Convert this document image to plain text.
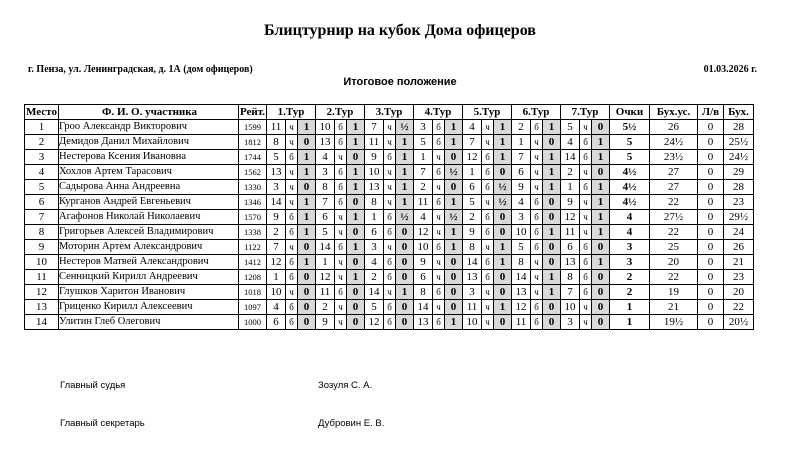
Блицтурнир на кубок Дома офицеров
г. Пенза, ул. Ленинградская, д. 1А (дом офицеров)	01.03.2026 г.
Итоговое положение
Место	Ф. И. О. участника	Рейт.	1.Тур			2.Тур			3.Тур			4.Тур			5.Тур			6.Тур			7.Тур			Очки	Бух.ус.	Л/в	Бух.
1	Гроо Александр Викторович	1599	11	ч	1	10	б	1	7	ч	½	3	б	1	4	ч	1	2	б	1	5	ч	0	5½	26	0	28
2	Демидов Данил Михайлович	1812	8	ч	0	13	б	1	11	ч	1	5	б	1	7	ч	1	1	ч	0	4	б	1	5	24½	0	25½
3	Нестерова Ксения Ивановна	1744	5	б	1	4	ч	0	9	б	1	1	ч	0	12	б	1	7	ч	1	14	б	1	5	23½	0	24½
4	Хохлов Артем Тарасович	1562	13	ч	1	3	б	1	10	ч	1	7	б	½	1	б	0	6	ч	1	2	ч	0	4½	27	0	29
5	Садырова Анна Андреевна	1330	3	ч	0	8	б	1	13	ч	1	2	ч	0	6	б	½	9	ч	1	1	б	1	4½	27	0	28
6	Курганов Андрей Евгеньевич	1346	14	ч	1	7	б	0	8	ч	1	11	б	1	5	ч	½	4	б	0	9	ч	1	4½	22	0	23
7	Агафонов Николай Николаевич	1570	9	б	1	6	ч	1	1	б	½	4	ч	½	2	б	0	3	б	0	12	ч	1	4	27½	0	29½
8	Григорьев Алексей Владимирович	1338	2	б	1	5	ч	0	6	б	0	12	ч	1	9	б	0	10	б	1	11	ч	1	4	22	0	24
9	Моторин Артем Александрович	1122	7	ч	0	14	б	1	3	ч	0	10	б	1	8	ч	1	5	б	0	6	б	0	3	25	0	26
10	Нестеров Матвей Александрович	1412	12	б	1	1	ч	0	4	б	0	9	ч	0	14	б	1	8	ч	0	13	б	1	3	20	0	21
11	Сенницкий Кирилл Андреевич	1208	1	б	0	12	ч	1	2	б	0	6	ч	0	13	б	0	14	ч	1	8	б	0	2	22	0	23
12	Глушков Харитон Иванович	1018	10	ч	0	11	б	0	14	ч	1	8	б	0	3	ч	0	13	ч	1	7	б	0	2	19	0	20
13	Гриценко Кирилл Алексеевич	1097	4	б	0	2	ч	0	5	б	0	14	ч	0	11	ч	1	12	б	0	10	ч	0	1	21	0	22
14	Улитин Глеб Олегович	1000	6	б	0	9	ч	0	12	б	0	13	б	1	10	ч	0	11	б	0	3	ч	0	1	19½	0	20½
Главный судья	Зозуля С. А.
Главный секретарь	Дубровин Е. В.
